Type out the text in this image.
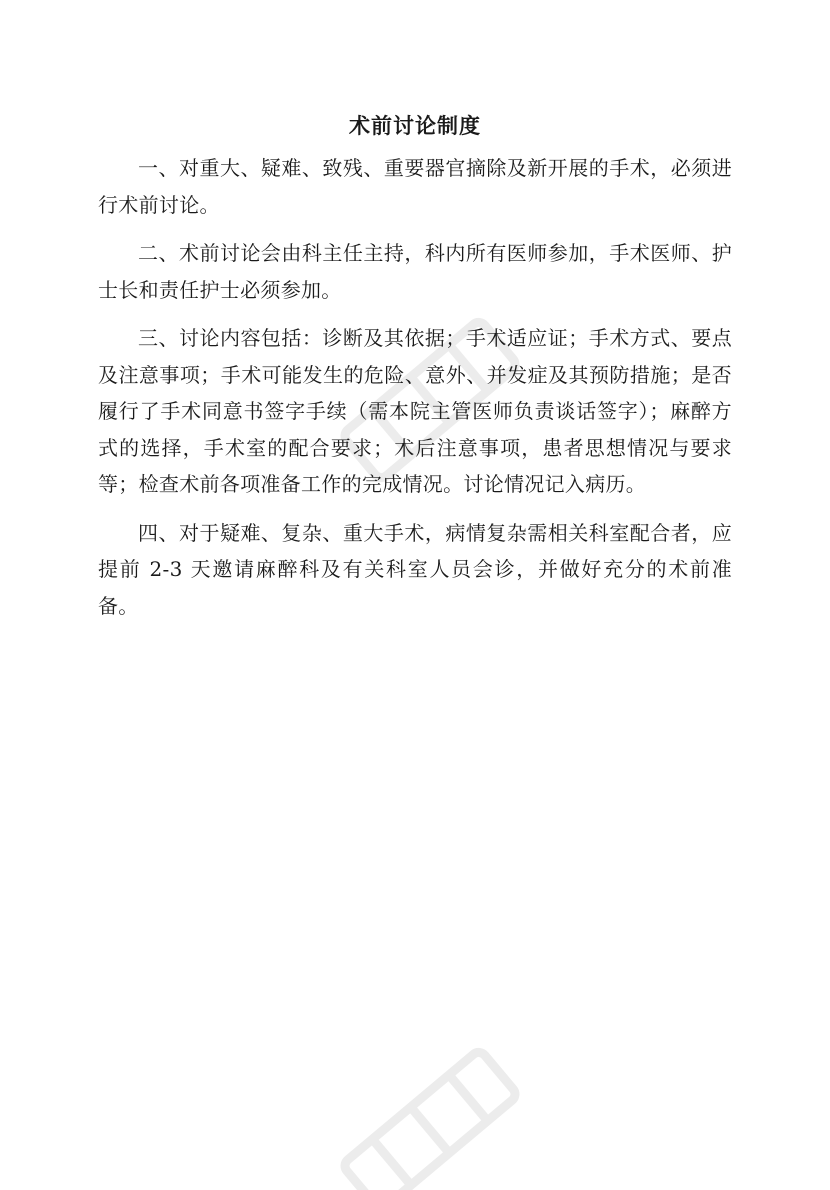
术前讨论制度

一、对重大、疑难、致残、重要器官摘除及新开展的手术，必须进行术前讨论。

二、术前讨论会由科主任主持，科内所有医师参加，手术医师、护士长和责任护士必须参加。

三、讨论内容包括：诊断及其依据；手术适应证；手术方式、要点及注意事项；手术可能发生的危险、意外、并发症及其预防措施；是否履行了手术同意书签字手续（需本院主管医师负责谈话签字）；麻醉方式的选择，手术室的配合要求；术后注意事项，患者思想情况与要求等；检查术前各项准备工作的完成情况。讨论情况记入病历。

四、对于疑难、复杂、重大手术，病情复杂需相关科室配合者，应提前 2-3 天邀请麻醉科及有关科室人员会诊，并做好充分的术前准备。
